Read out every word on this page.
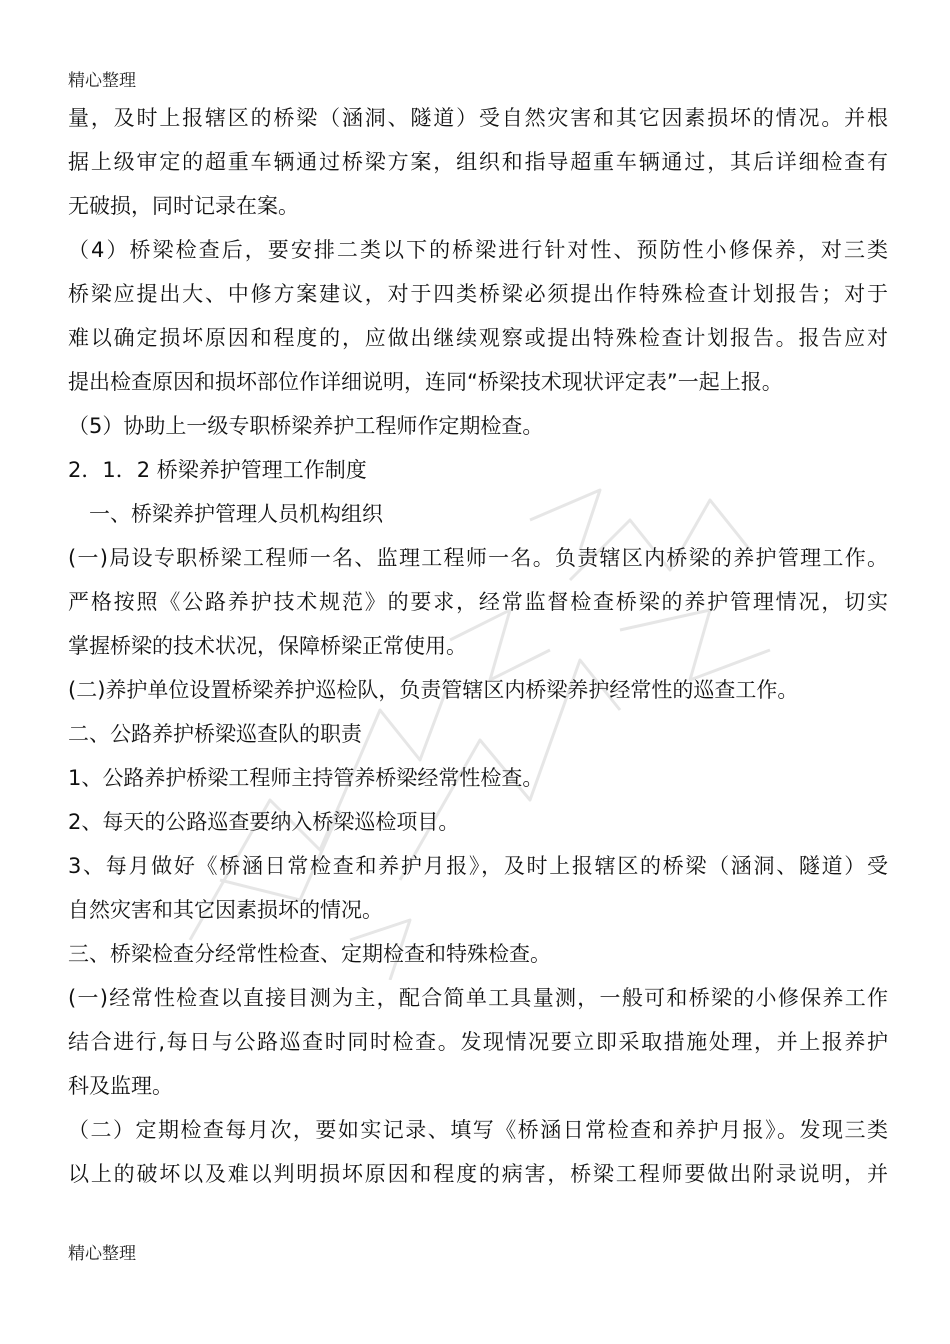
精心整理
量，及时上报辖区的桥梁（涵洞、隧道）受自然灾害和其它因素损坏的情况。并根
据上级审定的超重车辆通过桥梁方案，组织和指导超重车辆通过，其后详细检查有
无破损，同时记录在案。
（4）桥梁检查后，要安排二类以下的桥梁进行针对性、预防性小修保养，对三类
桥梁应提出大、中修方案建议，对于四类桥梁必须提出作特殊检查计划报告；对于
难以确定损坏原因和程度的，应做出继续观察或提出特殊检查计划报告。报告应对
提出检查原因和损坏部位作详细说明，连同“桥梁技术现状评定表”一起上报。
（5）协助上一级专职桥梁养护工程师作定期检查。
2．1．2 桥梁养护管理工作制度
　一、桥梁养护管理人员机构组织
(一)局设专职桥梁工程师一名、监理工程师一名。负责辖区内桥梁的养护管理工作。
严格按照《公路养护技术规范》的要求，经常监督检查桥梁的养护管理情况，切实
掌握桥梁的技术状况，保障桥梁正常使用。
(二)养护单位设置桥梁养护巡检队，负责管辖区内桥梁养护经常性的巡查工作。
二、公路养护桥梁巡查队的职责
1、公路养护桥梁工程师主持管养桥梁经常性检查。
2、每天的公路巡查要纳入桥梁巡检项目。
3、每月做好《桥涵日常检查和养护月报》，及时上报辖区的桥梁（涵洞、隧道）受
自然灾害和其它因素损坏的情况。
三、桥梁检查分经常性检查、定期检查和特殊检查。
(一)经常性检查以直接目测为主，配合简单工具量测，一般可和桥梁的小修保养工作
结合进行,每日与公路巡查时同时检查。发现情况要立即采取措施处理，并上报养护
科及监理。
（二）定期检查每月次，要如实记录、填写《桥涵日常检查和养护月报》。发现三类
以上的破坏以及难以判明损坏原因和程度的病害，桥梁工程师要做出附录说明，并
精心整理
